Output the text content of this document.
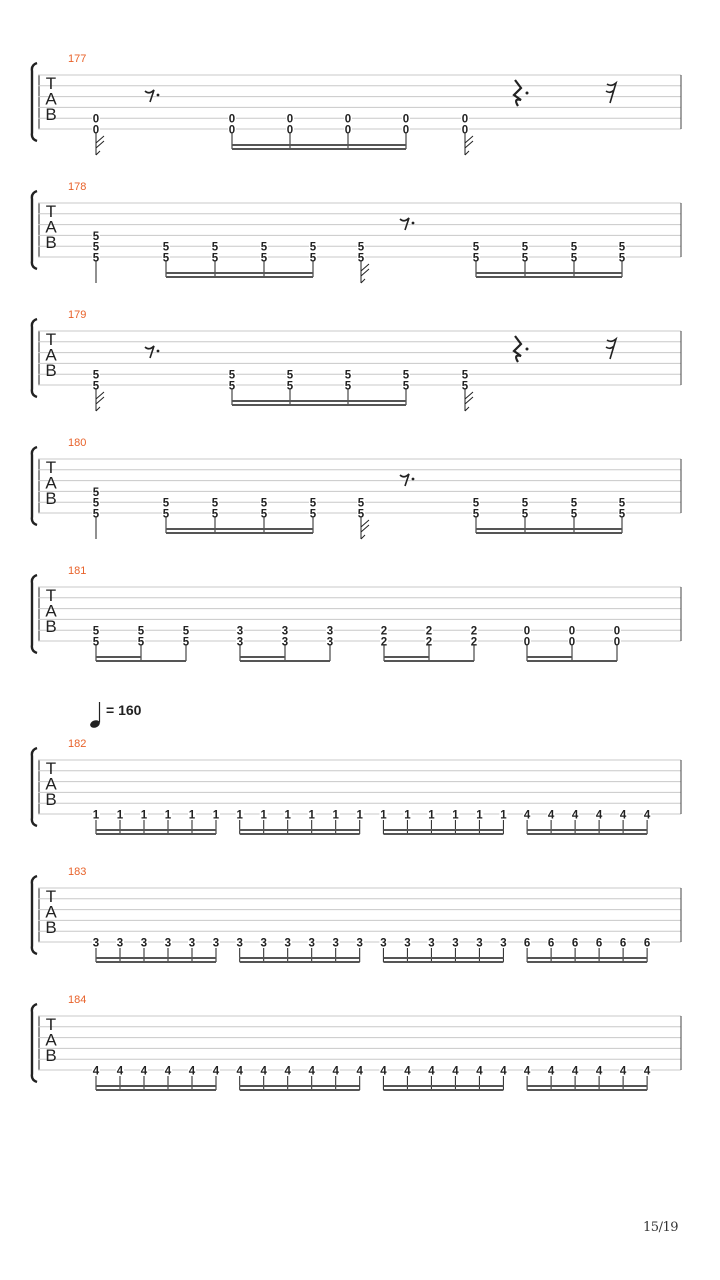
177
T
A
B	0
0
0
0
0
0
0
0
0
0
0
0
178
T
A
B	5
5
5
5
5
5
5
5
5
5
5
5
5
5
5
5
5
5
5
5
5
179
T
A
B	5
5
5
5
5
5
5
5
5
5
5
5
180
T
A
B	5
5
5
5
5
5
5
5
5
5
5
5
5
5
5
5
5
5
5
5
5
181
T
A
B	5
5
5
5
5
5
3
3
3
3
3
3
2
2
2
2
2
2
0
0
0
0
0
0
182
T
A
B
1 1 1 1 1 1 1 1 1 1 1 1 1 1 1 1 1 1 4 4 4 4 4 4
183
T
A
B
3 3 3 3 3 3 3 3 3 3 3 3 3 3 3 3 3 3 6 6 6 6 6 6
184
T
A
B
4 4 4 4 4 4 4 4 4 4 4 4 4 4 4 4 4 4 4 4 4 4 4 4
= 160
15/19
